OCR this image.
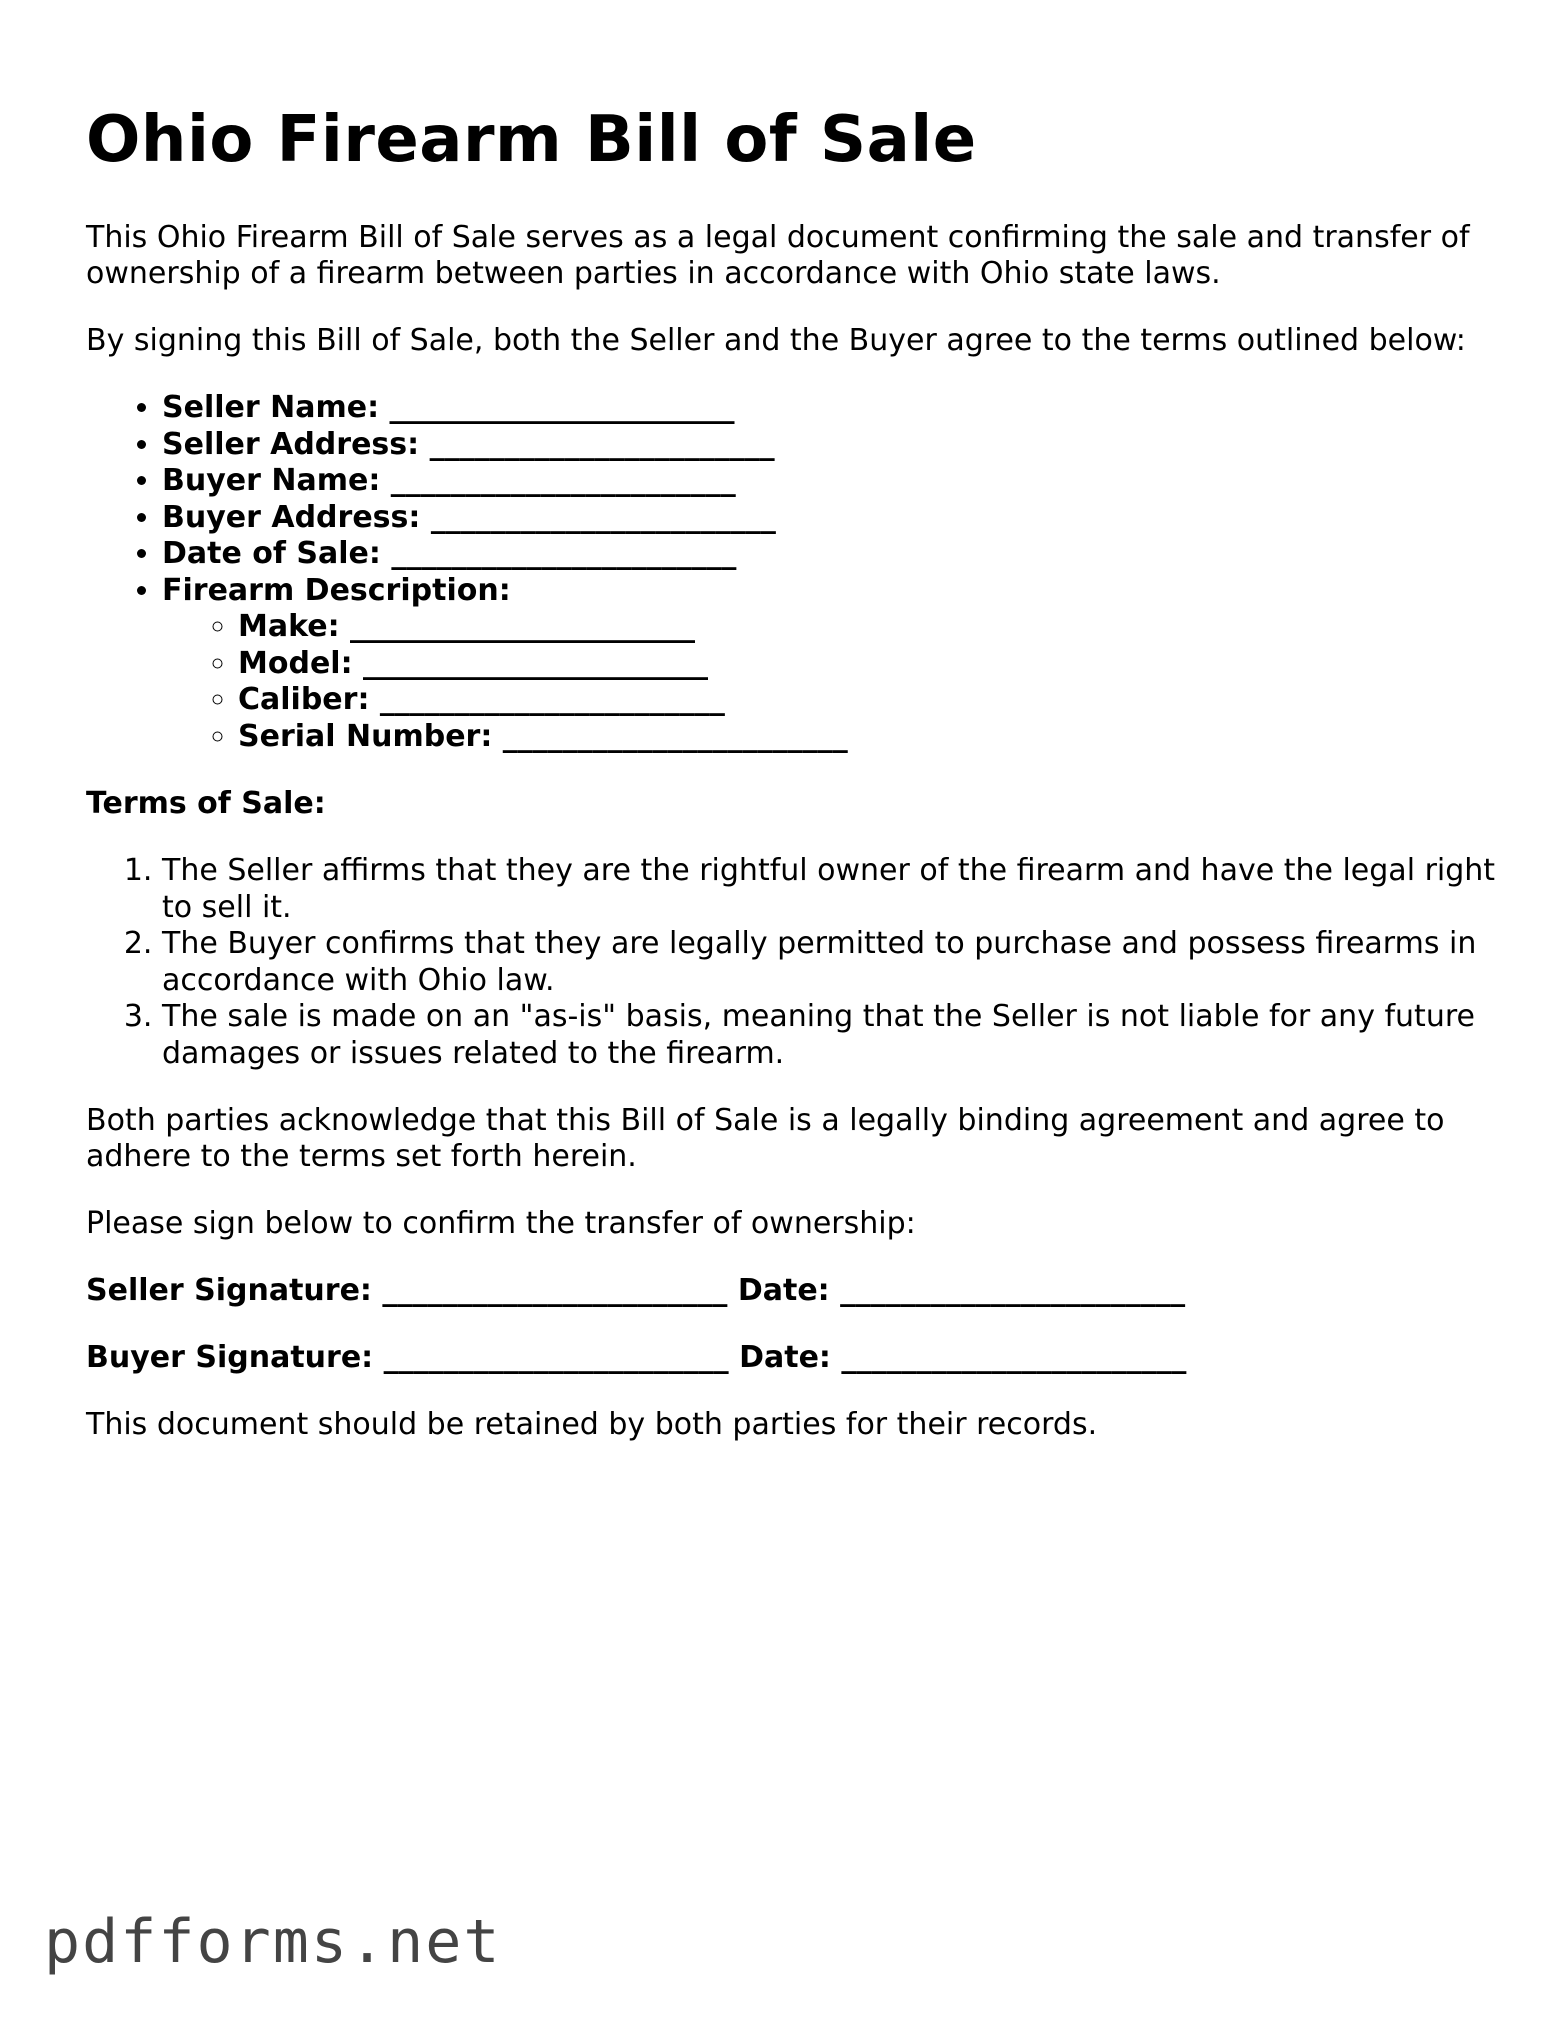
Ohio Firearm Bill of Sale

This Ohio Firearm Bill of Sale serves as a legal document confirming the sale and transfer of ownership of a firearm between parties in accordance with Ohio state laws.

By signing this Bill of Sale, both the Seller and the Buyer agree to the terms outlined below:

• Seller Name: _______________________
• Seller Address: _______________________
• Buyer Name: _______________________
• Buyer Address: _______________________
• Date of Sale: _______________________
• Firearm Description:
◦ Make: _______________________
◦ Model: _______________________
◦ Caliber: _______________________
◦ Serial Number: _______________________

Terms of Sale:

1. The Seller affirms that they are the rightful owner of the firearm and have the legal right to sell it.
2. The Buyer confirms that they are legally permitted to purchase and possess firearms in accordance with Ohio law.
3. The sale is made on an "as-is" basis, meaning that the Seller is not liable for any future damages or issues related to the firearm.

Both parties acknowledge that this Bill of Sale is a legally binding agreement and agree to adhere to the terms set forth herein.

Please sign below to confirm the transfer of ownership:

Seller Signature: _______________________ Date: _______________________

Buyer Signature: _______________________ Date: _______________________

This document should be retained by both parties for their records.

pdfforms.net
